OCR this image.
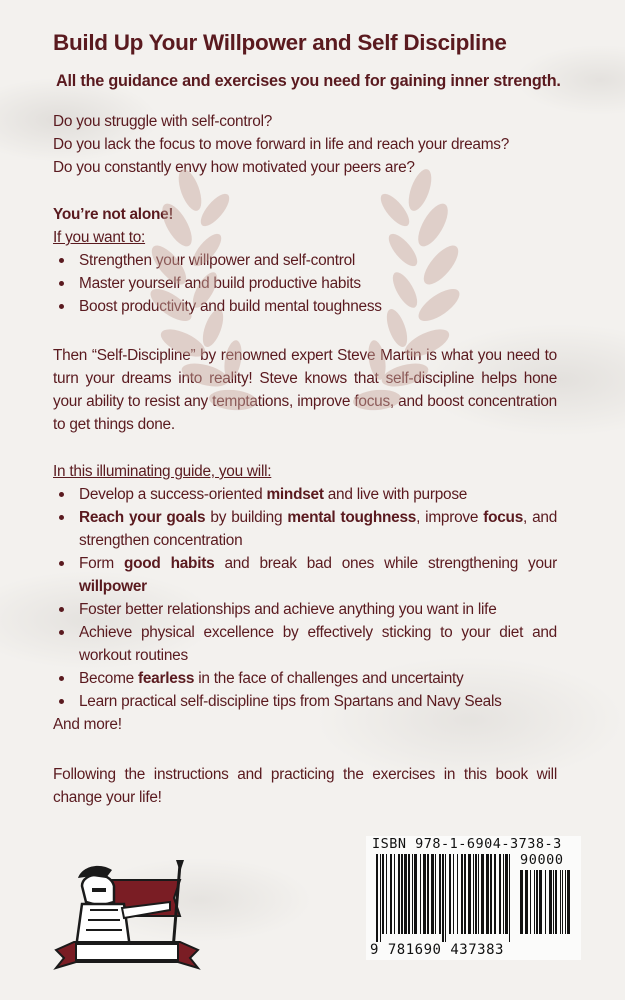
Build Up Your Willpower and Self Discipline
All the guidance and exercises you need for gaining inner strength.

Do you struggle with self-control?

Do you lack the focus to move forward in life and reach your dreams?

Do you constantly envy how motivated your peers are?

You’re not alone!

If you want to:

Strengthen your willpower and self-control
Master yourself and build productive habits
Boost productivity and build mental toughness
Then “Self-Discipline” by renowned expert Steve Martin is what you need to turn your dreams into reality! Steve knows that self-discipline helps hone your ability to resist any temptations, improve focus, and boost concentration to get things done.

In this illuminating guide, you will:

Develop a success-oriented mindset and live with purpose
Reach your goals by building mental toughness, improve focus, and strengthen concentration
Form good habits and break bad ones while strengthening your willpower
Foster better relationships and achieve anything you want in life
Achieve physical excellence by effectively sticking to your diet and workout routines
Become fearless in the face of challenges and uncertainty
Learn practical self-discipline tips from Spartans and Navy Seals

And more!

Following the instructions and practicing the exercises in this book will change your life!
ISBN 978-1-6904-3738-3
90000
9 781690 437383
